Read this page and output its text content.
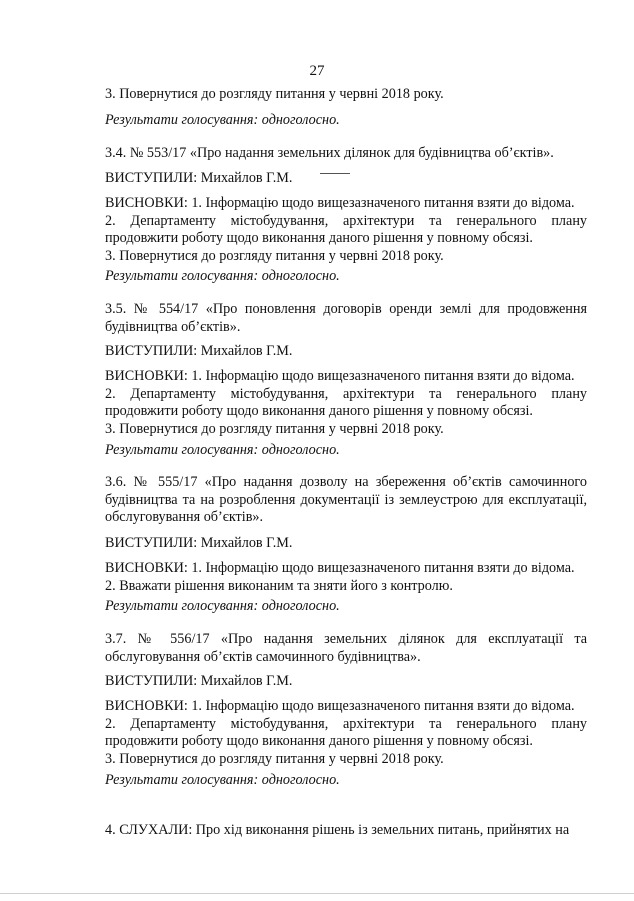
27

3. Повернутися до розгляду питання у червні 2018 року.

Результати голосування: одноголосно.

3.4. № 553/17 «Про надання земельних ділянок для будівництва об’єктів».

ВИСТУПИЛИ: Михайлов Г.М.

ВИСНОВКИ: 1. Інформацію щодо вищезазначеного питання взяти до відома.

2. Департаменту містобудування, архітектури та генерального плану

продовжити роботу щодо виконання даного рішення у повному обсязі.

3. Повернутися до розгляду питання у червні 2018 року.

Результати голосування: одноголосно.

3.5. № 554/17 «Про поновлення договорів оренди землі для продовження

будівництва об’єктів».

ВИСТУПИЛИ: Михайлов Г.М.

ВИСНОВКИ: 1. Інформацію щодо вищезазначеного питання взяти до відома.

2. Департаменту містобудування, архітектури та генерального плану

продовжити роботу щодо виконання даного рішення у повному обсязі.

3. Повернутися до розгляду питання у червні 2018 року.

Результати голосування: одноголосно.

3.6. № 555/17 «Про надання дозволу на збереження об’єктів самочинного

будівництва та на розроблення документації із землеустрою для експлуатації,

обслуговування об’єктів».

ВИСТУПИЛИ: Михайлов Г.М.

ВИСНОВКИ: 1. Інформацію щодо вищезазначеного питання взяти до відома.

2. Вважати рішення виконаним та зняти його з контролю.

Результати голосування: одноголосно.

3.7. № 556/17 «Про надання земельних ділянок для експлуатації та

обслуговування об’єктів самочинного будівництва».

ВИСТУПИЛИ: Михайлов Г.М.

ВИСНОВКИ: 1. Інформацію щодо вищезазначеного питання взяти до відома.

2. Департаменту містобудування, архітектури та генерального плану

продовжити роботу щодо виконання даного рішення у повному обсязі.

3. Повернутися до розгляду питання у червні 2018 року.

Результати голосування: одноголосно.

4. СЛУХАЛИ: Про хід виконання рішень із земельних питань, прийнятих на
